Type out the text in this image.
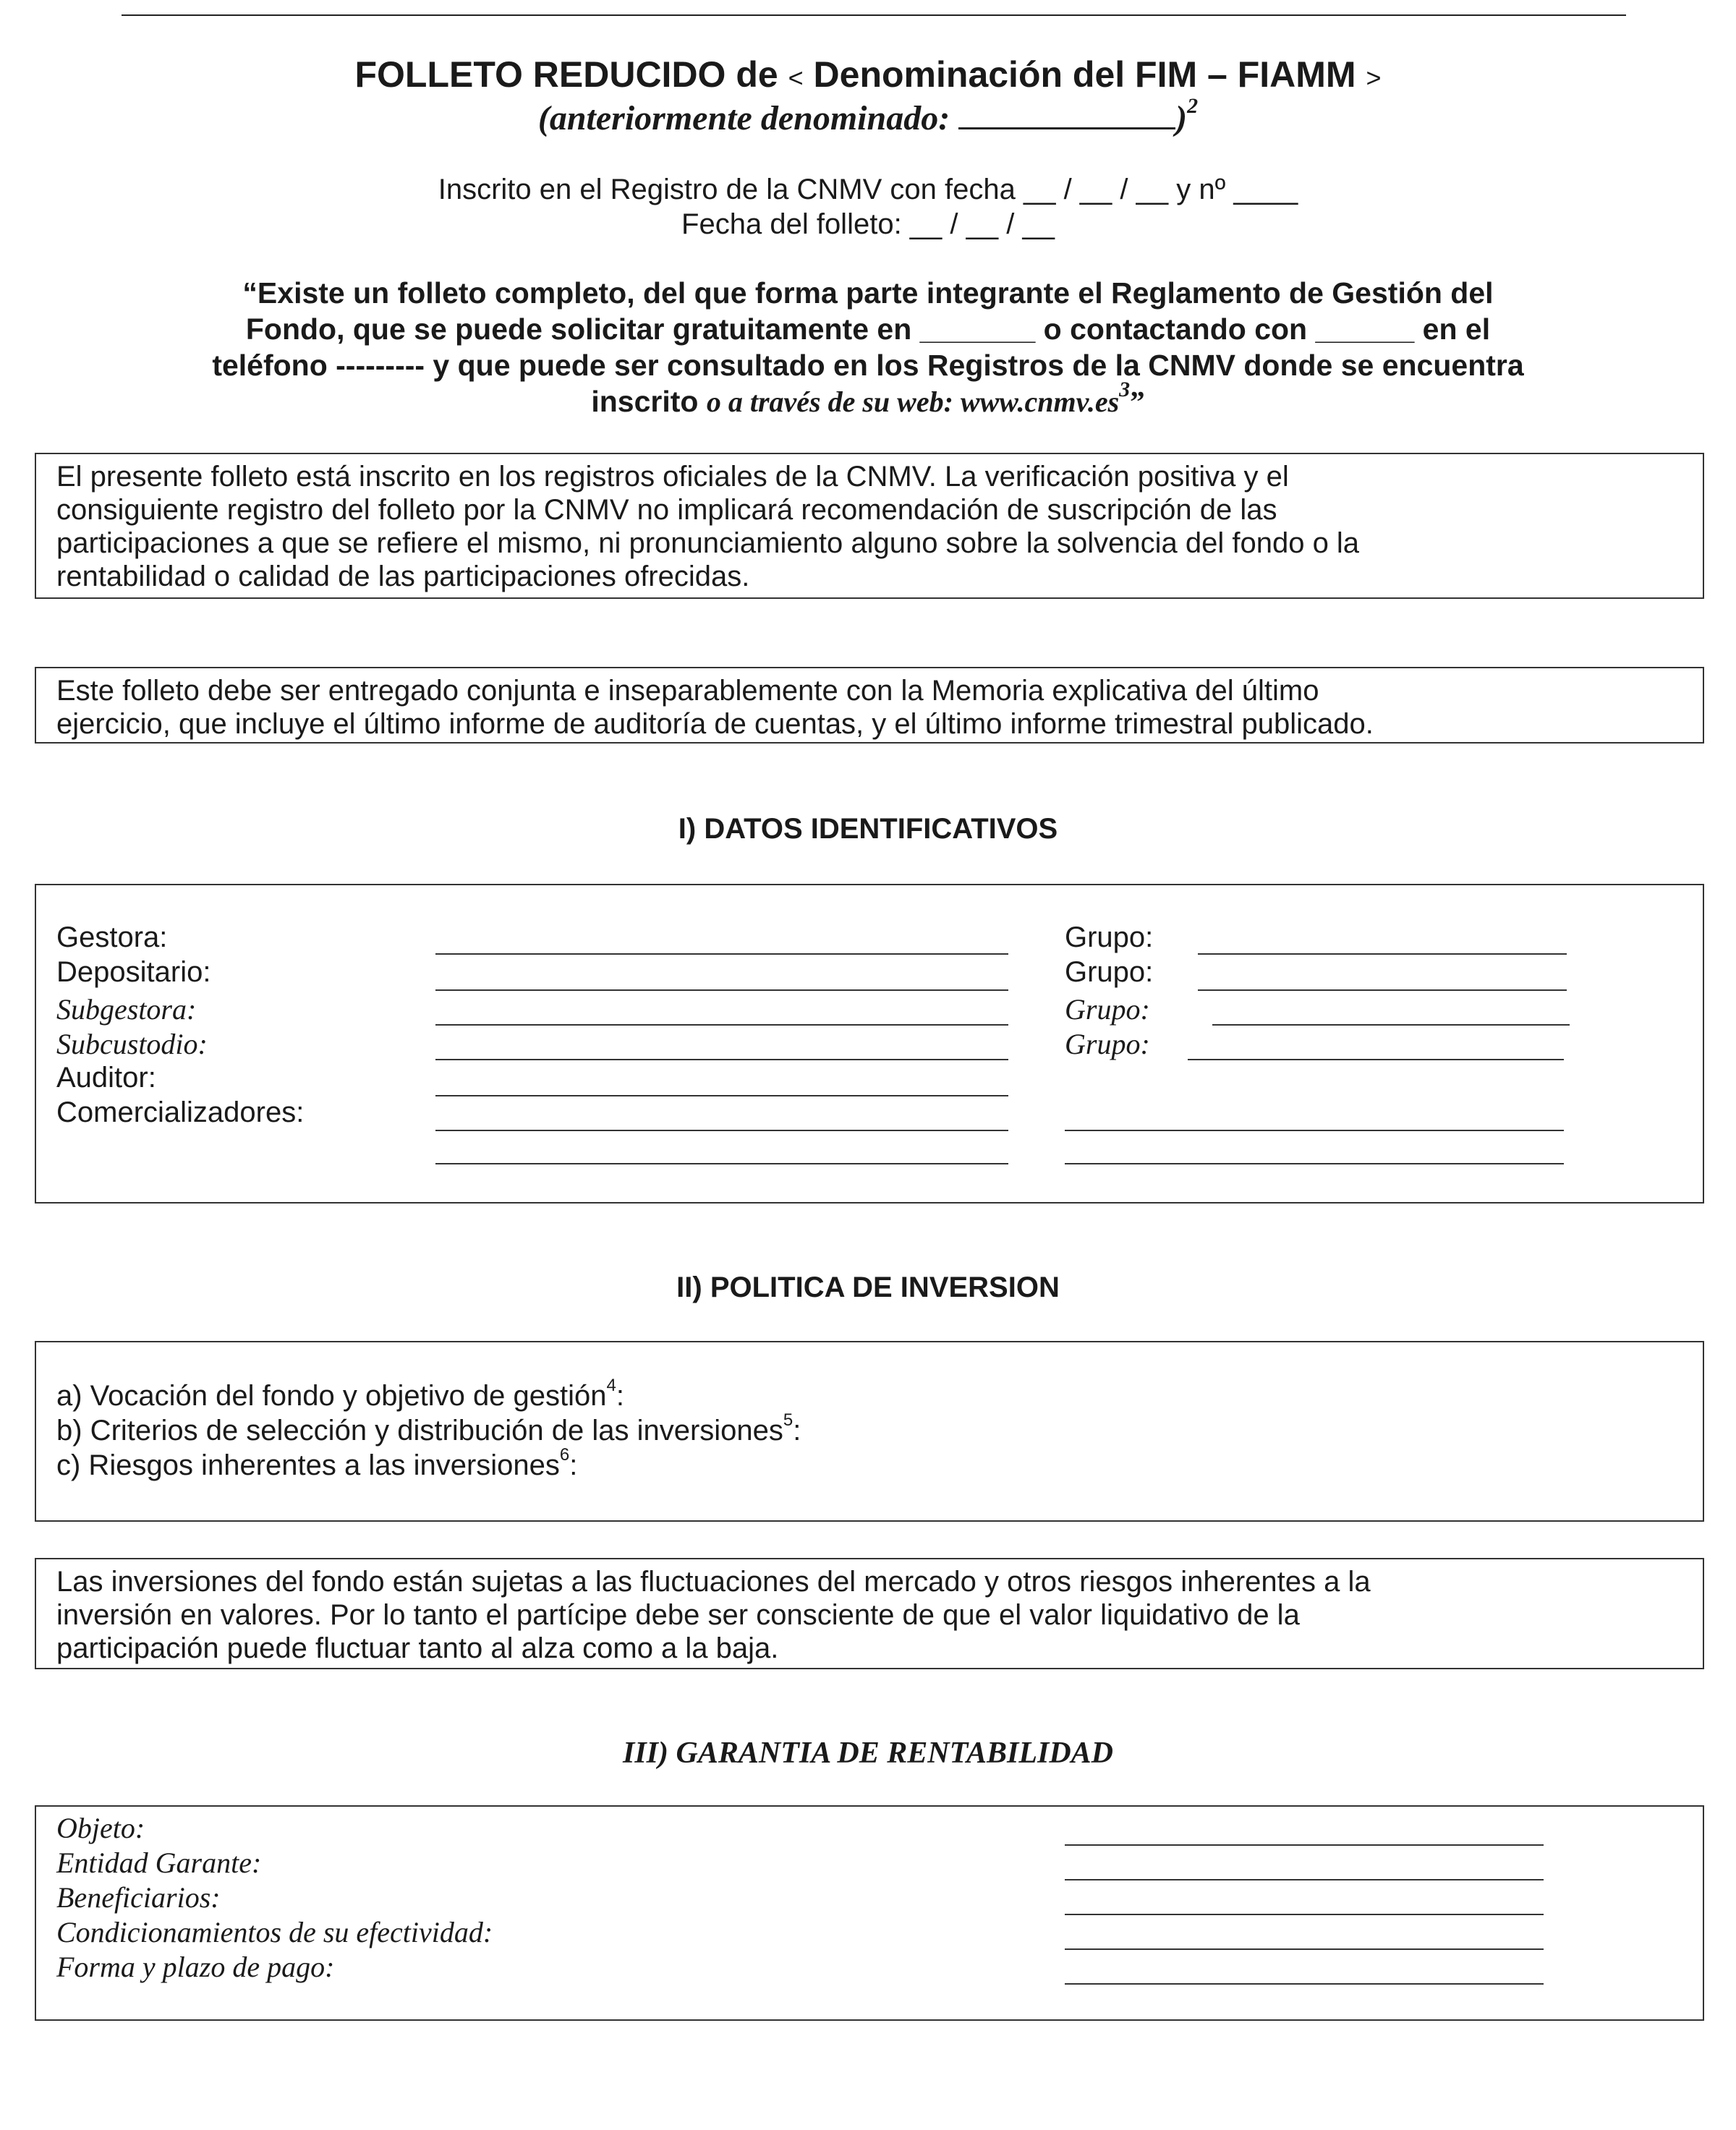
FOLLETO REDUCIDO de < Denominación del FIM – FIAMM >
(anteriormente denominado:	)$^2$
Inscrito en el Registro de la CNMV con fecha __ / __ / __ y nº ____
Fecha del folleto: __ / __ / __
“Existe un folleto completo, del que forma parte integrante el Reglamento de Gestión del
Fondo, que se puede solicitar gratuitamente en _______ o contactando con ______ en el
teléfono --------- y que puede ser consultado en los Registros de la CNMV donde se encuentra
inscrito o a través de su web: $www.cnmv.es^3$”

El presente folleto está inscrito en los registros oficiales de la CNMV. La verificación positiva y el

consiguiente registro del folleto por la CNMV no implicará recomendación de suscripción de las

participaciones a que se refiere el mismo, ni pronunciamiento alguno sobre la solvencia del fondo o la

rentabilidad o calidad de las participaciones ofrecidas.

Este folleto debe ser entregado conjunta e inseparablemente con la Memoria explicativa del último

ejercicio, que incluye el último informe de auditoría de cuentas, y el último informe trimestral publicado.

I) DATOS IDENTIFICATIVOS
Gestora:
Depositario:
Subgestora:
Subcustodio:
Auditor:
Comercializadores:
Grupo:
Grupo:
Grupo:
Grupo:
II) POLITICA DE INVERSION
a) Vocación del fondo y objetivo de gestión$^4$:
b) Criterios de selección y distribución de las inversiones$^5$:
c) Riesgos inherentes a las inversiones$^6$:

Las inversiones del fondo están sujetas a las fluctuaciones del mercado y otros riesgos inherentes a la

inversión en valores. Por lo tanto el partícipe debe ser consciente de que el valor liquidativo de la

participación puede fluctuar tanto al alza como a la baja.

III) GARANTIA DE RENTABILIDAD
Objeto:
Entidad Garante:
Beneficiarios:
Condicionamientos de su efectividad:
Forma y plazo de pago:
